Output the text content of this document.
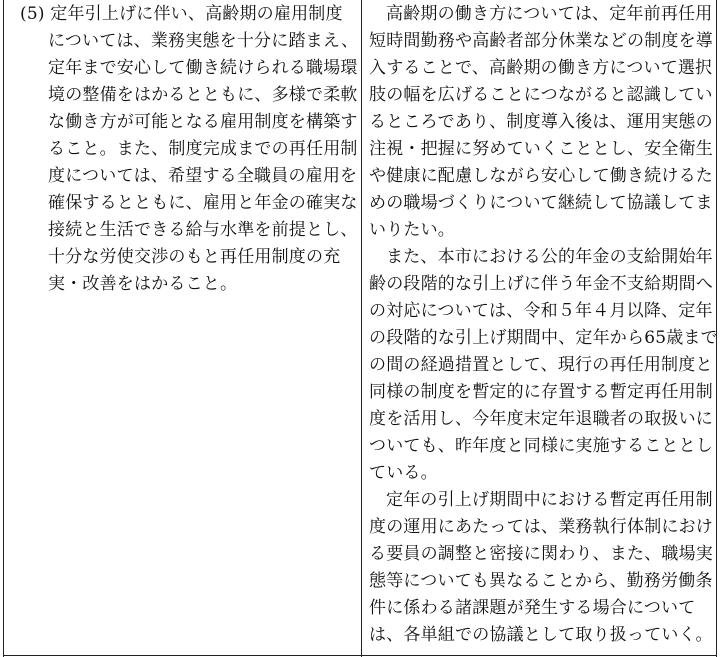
(5) 定年引上げに伴い、高齢期の雇用制度
については、業務実態を十分に踏まえ、
定年まで安心して働き続けられる職場環
境の整備をはかるとともに、多様で柔軟
な働き方が可能となる雇用制度を構築す
ること。また、制度完成までの再任用制
度については、希望する全職員の雇用を
確保するとともに、雇用と年金の確実な
接続と生活できる給与水準を前提とし、
十分な労使交渉のもと再任用制度の充
実・改善をはかること。
高齢期の働き方については、定年前再任用
短時間勤務や高齢者部分休業などの制度を導
入することで、高齢期の働き方について選択
肢の幅を広げることにつながると認識してい
るところであり、制度導入後は、運用実態の
注視・把握に努めていくこととし、安全衛生
や健康に配慮しながら安心して働き続けるた
めの職場づくりについて継続して協議してま
いりたい。
また、本市における公的年金の支給開始年
齢の段階的な引上げに伴う年金不支給期間へ
の対応については、令和５年４月以降、定年
の段階的な引上げ期間中、定年から65歳まで
の間の経過措置として、現行の再任用制度と
同様の制度を暫定的に存置する暫定再任用制
度を活用し、今年度末定年退職者の取扱いに
ついても、昨年度と同様に実施することとし
ている。
定年の引上げ期間中における暫定再任用制
度の運用にあたっては、業務執行体制におけ
る要員の調整と密接に関わり、また、職場実
態等についても異なることから、勤務労働条
件に係わる諸課題が発生する場合について
は、各単組での協議として取り扱っていく。
